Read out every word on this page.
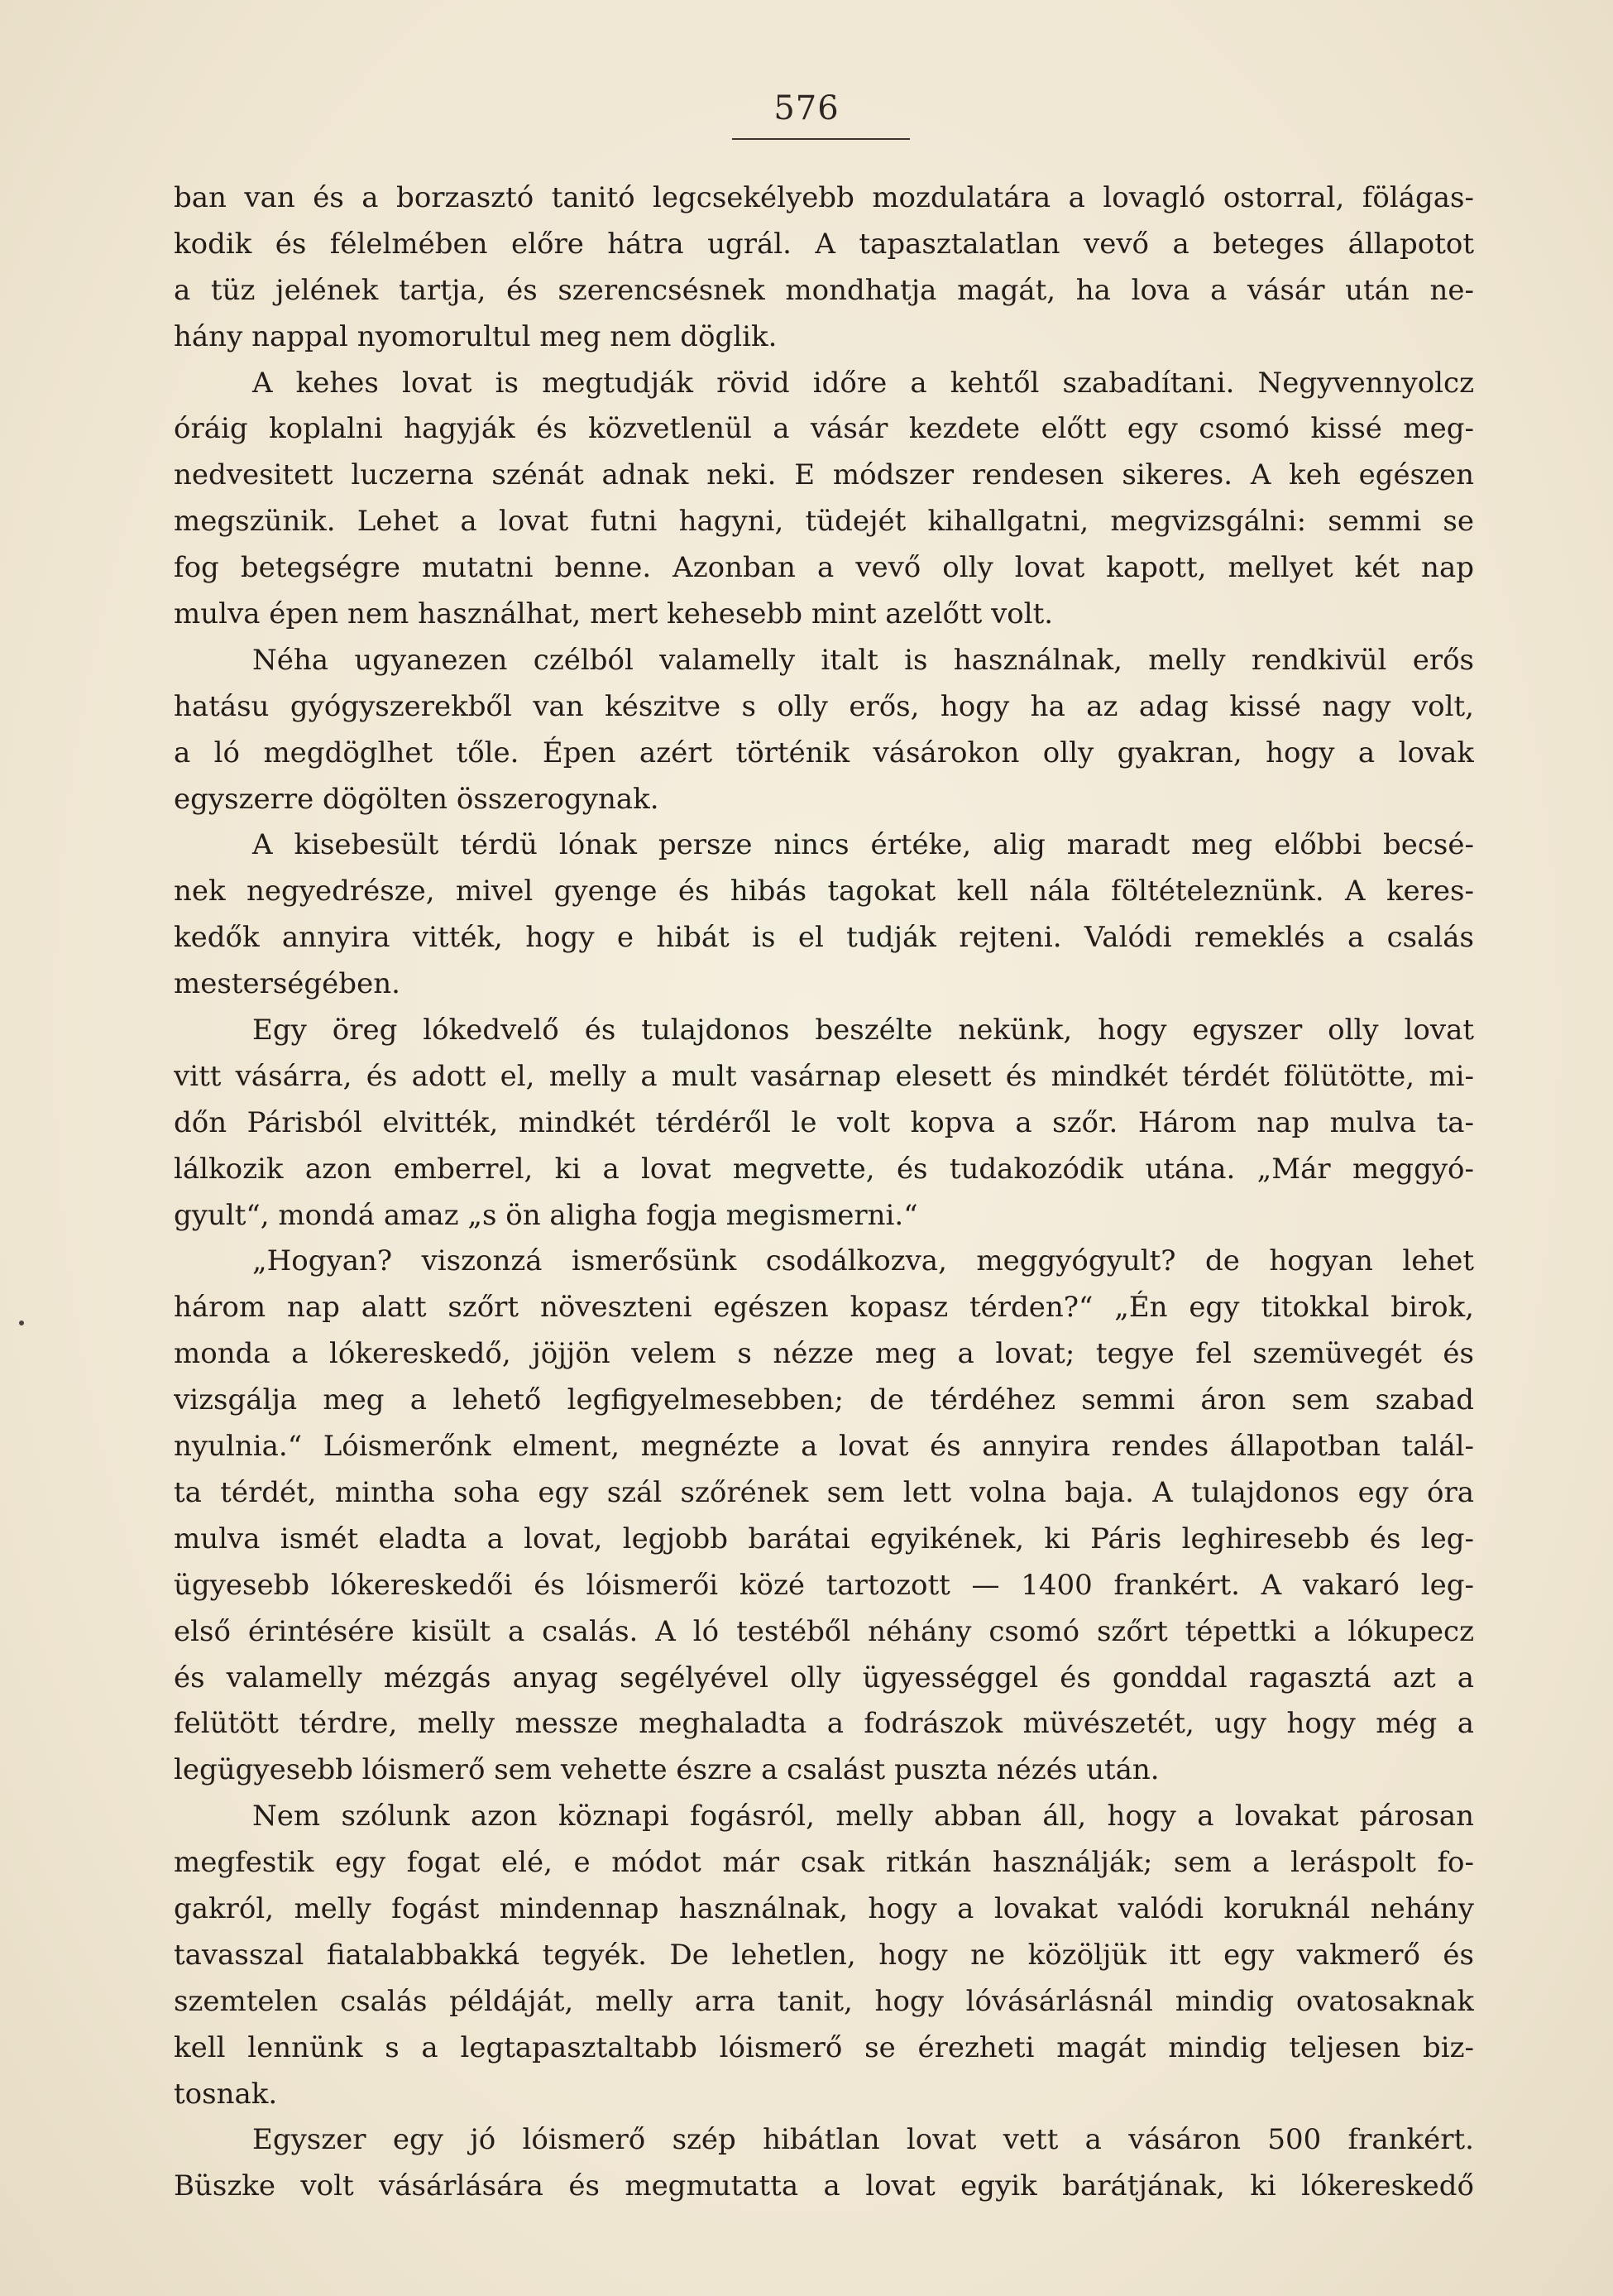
576
ban van és a borzasztó tanitó legcsekélyebb mozdulatára a lovagló ostorral, fölágas-
kodik és félelmében előre hátra ugrál. A tapasztalatlan vevő a beteges állapotot
a tüz jelének tartja, és szerencsésnek mondhatja magát, ha lova a vásár után ne-
hány nappal nyomorultul meg nem döglik.
A kehes lovat is megtudják rövid időre a kehtől szabadítani. Negyvennyolcz
óráig koplalni hagyják és közvetlenül a vásár kezdete előtt egy csomó kissé meg-
nedvesitett luczerna szénát adnak neki. E módszer rendesen sikeres. A keh egészen
megszünik. Lehet a lovat futni hagyni, tüdejét kihallgatni, megvizsgálni: semmi se
fog betegségre mutatni benne. Azonban a vevő olly lovat kapott, mellyet két nap
mulva épen nem használhat, mert kehesebb mint azelőtt volt.
Néha ugyanezen czélból valamelly italt is használnak, melly rendkivül erős
hatásu gyógyszerekből van készitve s olly erős, hogy ha az adag kissé nagy volt,
a ló megdöglhet tőle. Épen azért történik vásárokon olly gyakran, hogy a lovak
egyszerre dögölten összerogynak.
A kisebesült térdü lónak persze nincs értéke, alig maradt meg előbbi becsé-
nek negyedrésze, mivel gyenge és hibás tagokat kell nála föltételeznünk. A keres-
kedők annyira vitték, hogy e hibát is el tudják rejteni. Valódi remeklés a csalás
mesterségében.
Egy öreg lókedvelő és tulajdonos beszélte nekünk, hogy egyszer olly lovat
vitt vásárra, és adott el, melly a mult vasárnap elesett és mindkét térdét fölütötte, mi-
dőn Párisból elvitték, mindkét térdéről le volt kopva a szőr. Három nap mulva ta-
lálkozik azon emberrel, ki a lovat megvette, és tudakozódik utána. „Már meggyó-
gyult“, mondá amaz „s ön aligha fogja megismerni.“
„Hogyan? viszonzá ismerősünk csodálkozva, meggyógyult? de hogyan lehet
három nap alatt szőrt növeszteni egészen kopasz térden?“ „Én egy titokkal birok,
monda a lókereskedő, jöjjön velem s nézze meg a lovat; tegye fel szemüvegét és
vizsgálja meg a lehető legfigyelmesebben; de térdéhez semmi áron sem szabad
nyulnia.“ Lóismerőnk elment, megnézte a lovat és annyira rendes állapotban talál-
ta térdét, mintha soha egy szál szőrének sem lett volna baja. A tulajdonos egy óra
mulva ismét eladta a lovat, legjobb barátai egyikének, ki Páris leghiresebb és leg-
ügyesebb lókereskedői és lóismerői közé tartozott — 1400 frankért. A vakaró leg-
első érintésére kisült a csalás. A ló testéből néhány csomó szőrt tépettki a lókupecz
és valamelly mézgás anyag segélyével olly ügyességgel és gonddal ragasztá azt a
felütött térdre, melly messze meghaladta a fodrászok müvészetét, ugy hogy még a
legügyesebb lóismerő sem vehette észre a csalást puszta nézés után.
Nem szólunk azon köznapi fogásról, melly abban áll, hogy a lovakat párosan
megfestik egy fogat elé, e módot már csak ritkán használják; sem a leráspolt fo-
gakról, melly fogást mindennap használnak, hogy a lovakat valódi koruknál nehány
tavasszal fiatalabbakká tegyék. De lehetlen, hogy ne közöljük itt egy vakmerő és
szemtelen csalás példáját, melly arra tanit, hogy lóvásárlásnál mindig ovatosaknak
kell lennünk s a legtapasztaltabb lóismerő se érezheti magát mindig teljesen biz-
tosnak.
Egyszer egy jó lóismerő szép hibátlan lovat vett a vásáron 500 frankért.
Büszke volt vásárlására és megmutatta a lovat egyik barátjának, ki lókereskedő
